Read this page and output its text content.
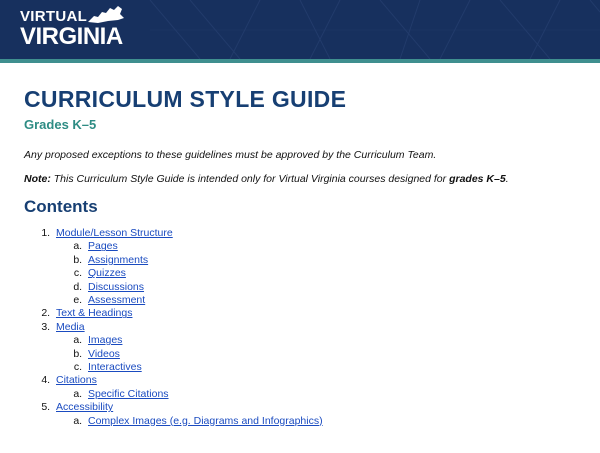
VIRTUAL
VIRGINIA
CURRICULUM STYLE GUIDE
Grades K–5

Any proposed exceptions to these guidelines must be approved by the Curriculum Team.

Note: This Curriculum Style Guide is intended only for Virtual Virginia courses designed for grades K–5.

Contents
1. Module/Lesson Structure
a. Pages
b. Assignments
c. Quizzes
d. Discussions
e. Assessment
2. Text & Headings
3. Media
a. Images
b. Videos
c. Interactives
4. Citations
a. Specific Citations
5. Accessibility
a. Complex Images (e.g. Diagrams and Infographics)
